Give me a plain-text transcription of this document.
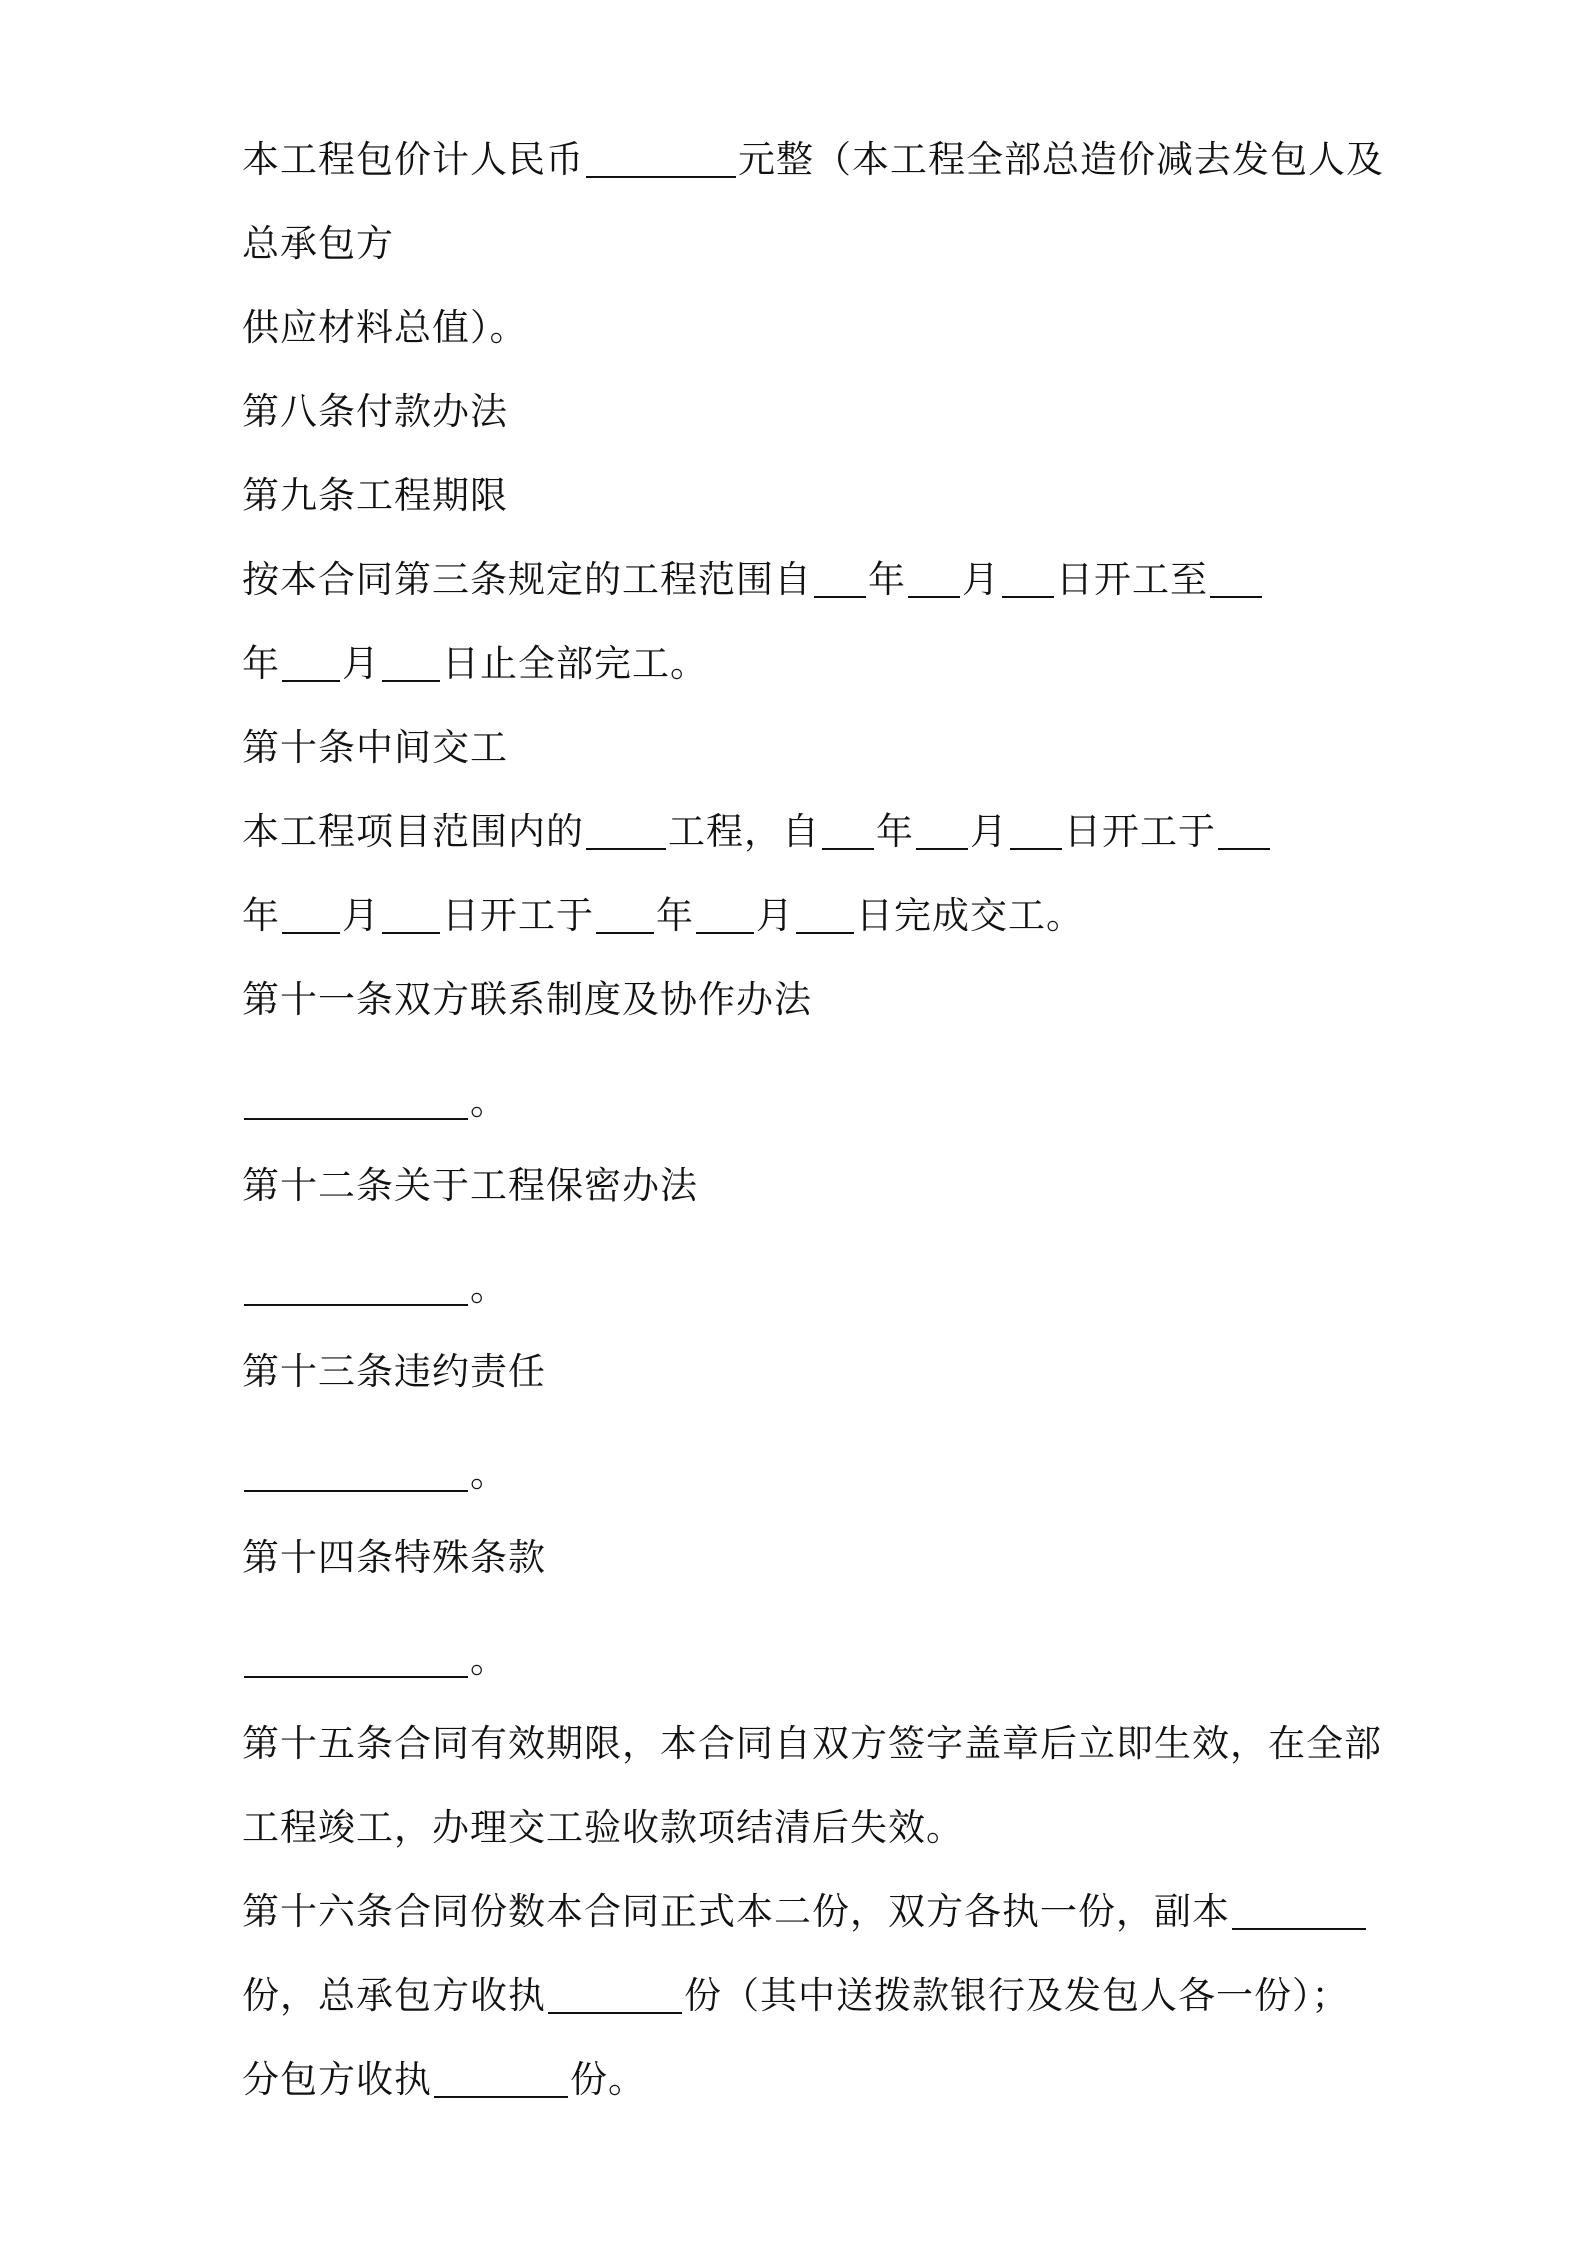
本工程包价计人民币	元整（本工程全部总造价减去发包人及
总承包方
供应材料总值）。
第八条付款办法
第九条工程期限
按本合同第三条规定的工程范围自 年 月 日开工至
年 月 日止全部完工。
第十条中间交工
本工程项目范围内的 工程，自 年 月 日开工于
年 月 日开工于 年 月 日完成交工。
第十一条双方联系制度及协作办法
。
第十二条关于工程保密办法
。
第十三条违约责任
。
第十四条特殊条款
。
第十五条合同有效期限，本合同自双方签字盖章后立即生效，在全部
工程竣工，办理交工验收款项结清后失效。
第十六条合同份数本合同正式本二份，双方各执一份，副本
份，总承包方收执	份（其中送拨款银行及发包人各一份）；
分包方收执	份。
